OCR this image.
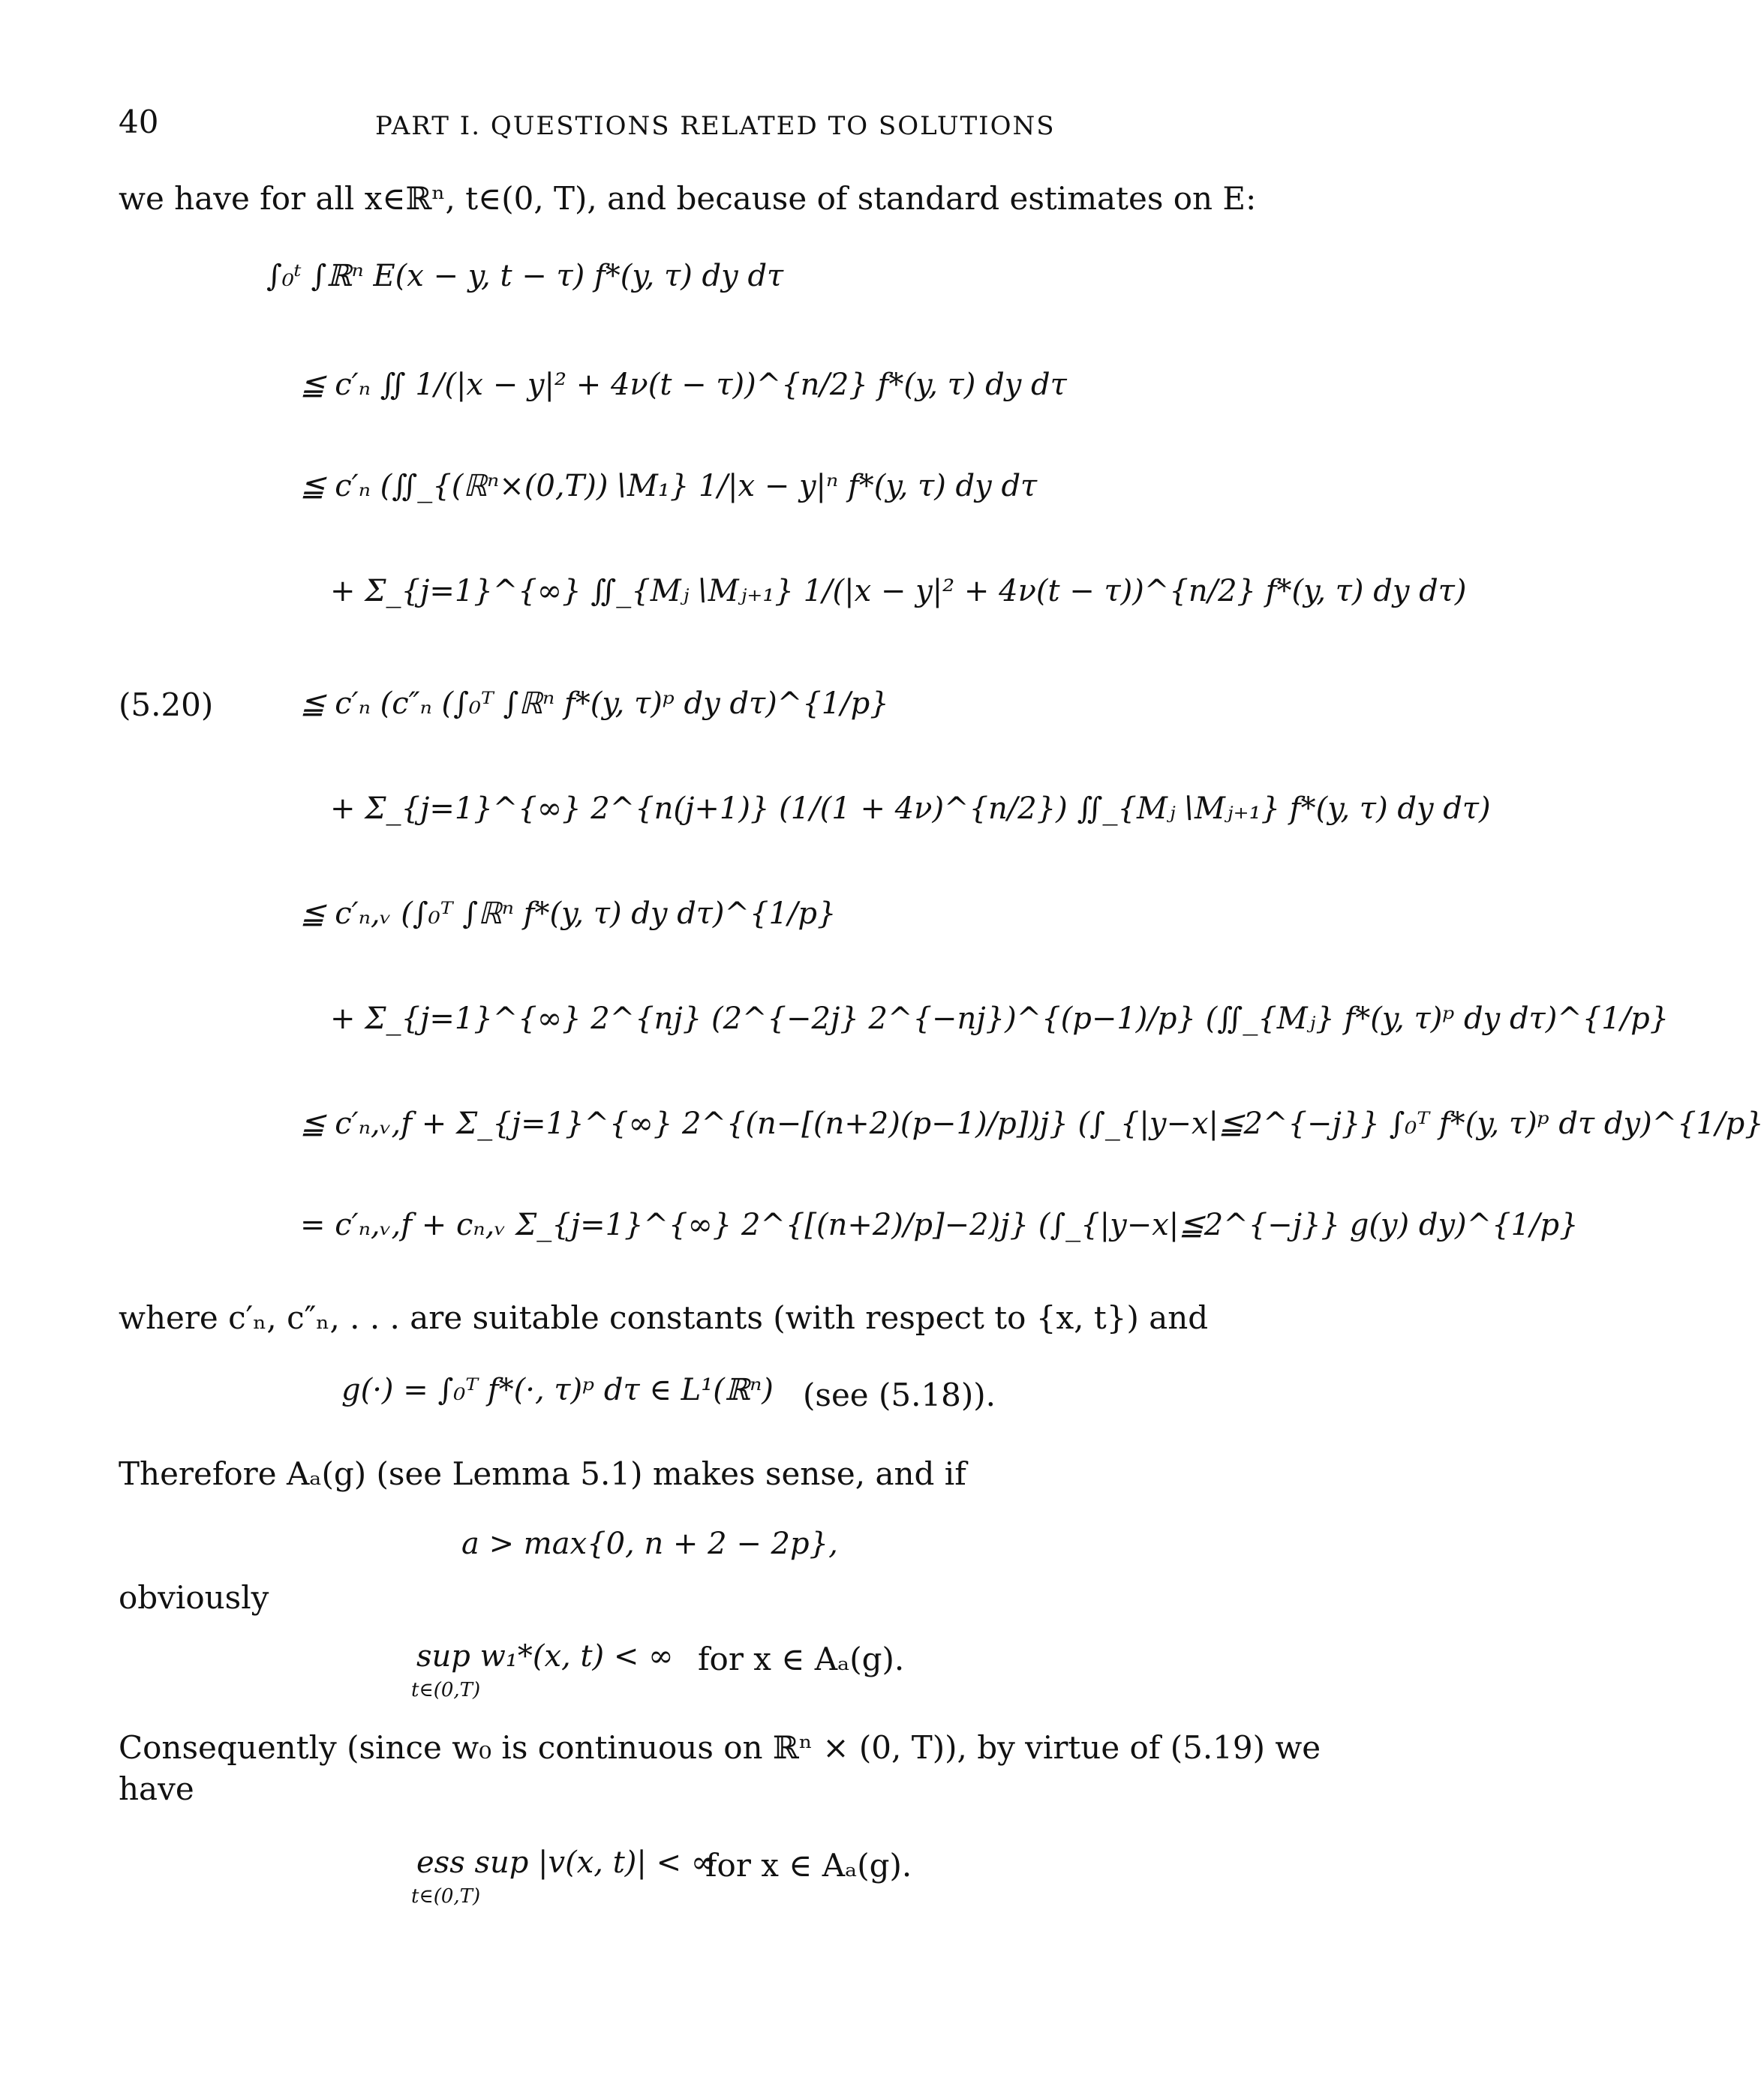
40	PART I. QUESTIONS RELATED TO SOLUTIONS
we have for all x∈ℝⁿ, t∈(0, T), and because of standard estimates on E:
∫₀ᵗ ∫ℝⁿ E(x − y, t − τ) f*(y, τ) dy dτ
≦ c′ₙ ∬ 1/(|x − y|² + 4ν(t − τ))^{n/2} f*(y, τ) dy dτ
≦ c′ₙ (∬_{(ℝⁿ×(0,T))∖M₁} 1/|x − y|ⁿ f*(y, τ) dy dτ
+ Σ_{j=1}^{∞} ∬_{Mⱼ∖Mⱼ₊₁} 1/(|x − y|² + 4ν(t − τ))^{n/2} f*(y, τ) dy dτ)
(5.20)	≦ c′ₙ (c″ₙ (∫₀ᵀ ∫ℝⁿ f*(y, τ)ᵖ dy dτ)^{1/p}
+ Σ_{j=1}^{∞} 2^{n(j+1)} (1/(1 + 4ν)^{n/2}) ∬_{Mⱼ∖Mⱼ₊₁} f*(y, τ) dy dτ)
≦ c′ₙ,ᵥ (∫₀ᵀ ∫ℝⁿ f*(y, τ) dy dτ)^{1/p}
+ Σ_{j=1}^{∞} 2^{nj} (2^{−2j} 2^{−nj})^{(p−1)/p} (∬_{Mⱼ} f*(y, τ)ᵖ dy dτ)^{1/p}
≦ c′ₙ,ᵥ,f + Σ_{j=1}^{∞} 2^{(n−[(n+2)(p−1)/p])j} (∫_{|y−x|≦2^{−j}} ∫₀ᵀ f*(y, τ)ᵖ dτ dy)^{1/p}
= c′ₙ,ᵥ,f + cₙ,ᵥ Σ_{j=1}^{∞} 2^{[(n+2)/p]−2)j} (∫_{|y−x|≦2^{−j}} g(y) dy)^{1/p}
where c′ₙ, c″ₙ, . . . are suitable constants (with respect to {x, t}) and
g(·) = ∫₀ᵀ f*(·, τ)ᵖ dτ ∈ L¹(ℝⁿ) (see (5.18)).
Therefore Aₐ(g) (see Lemma 5.1) makes sense, and if
a > max{0, n + 2 − 2p},
obviously
sup w₁*(x, t) < ∞
t∈(0,T)
for x ∈ Aₐ(g).
Consequently (since w₀ is continuous on ℝⁿ × (0, T)), by virtue of (5.19) we
have
ess sup |v(x, t)| < ∞
t∈(0,T)
for x ∈ Aₐ(g).
